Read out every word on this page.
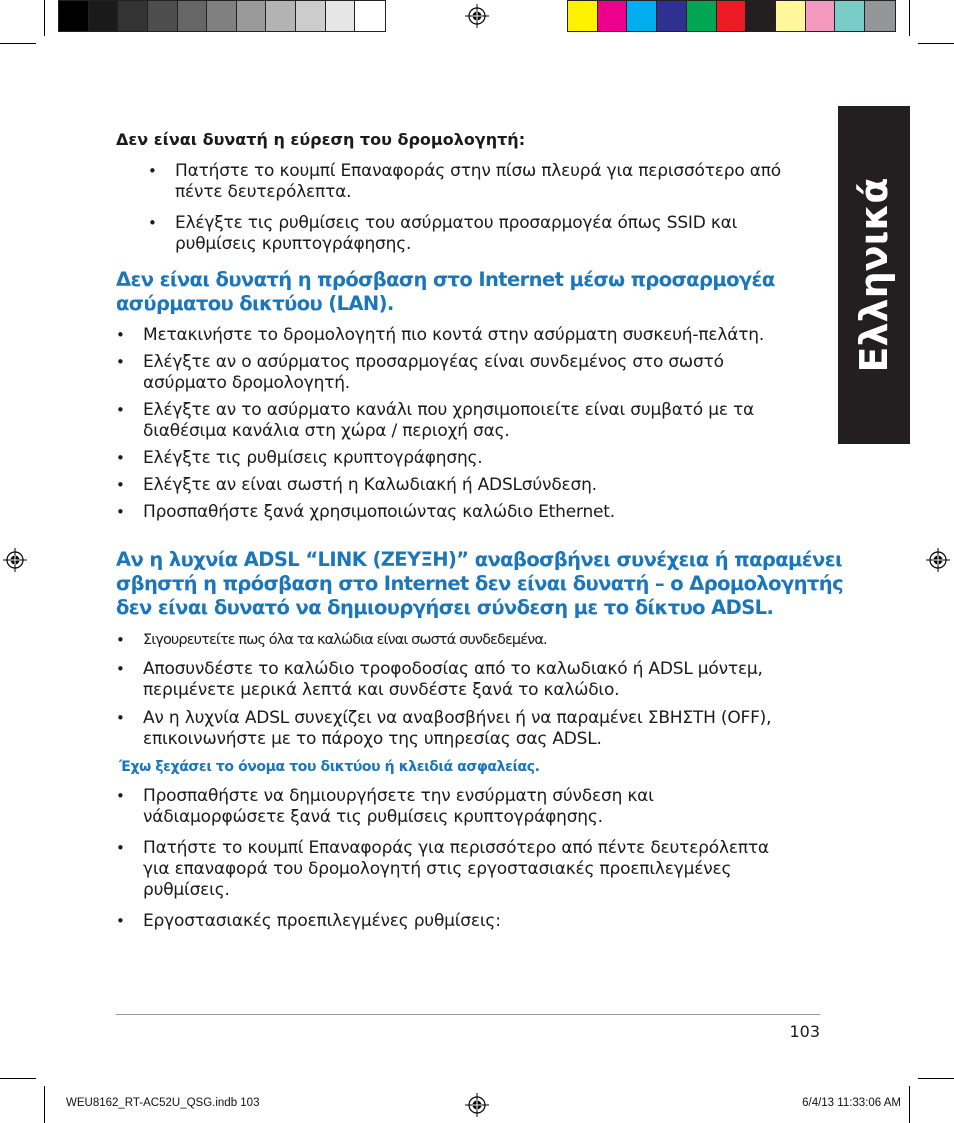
Ελληνικά
Δεν είναι δυνατή η εύρεση του δρομολογητή:
• Πατήστε το κουμπί Επαναφοράς στην πίσω πλευρά για περισσότερο από
πέντε δευτερόλεπτα.
• Ελέγξτε τις ρυθμίσεις του ασύρματου προσαρμογέα όπως SSID και
ρυθμίσεις κρυπτογράφησης.
Δεν είναι δυνατή η πρόσβαση στο Internet μέσω προσαρμογέα
ασύρματου δικτύου (LAN).
• Μετακινήστε το δρομολογητή πιο κοντά στην ασύρματη συσκευή-πελάτη.
• Ελέγξτε αν ο ασύρματος προσαρμογέας είναι συνδεμένος στο σωστό
ασύρματο δρομολογητή.
• Ελέγξτε αν το ασύρματο κανάλι που χρησιμοποιείτε είναι συμβατό με τα
διαθέσιμα κανάλια στη χώρα / περιοχή σας.
• Ελέγξτε τις ρυθμίσεις κρυπτογράφησης.
• Ελέγξτε αν είναι σωστή η Καλωδιακή ή ADSLσύνδεση.
• Προσπαθήστε ξανά χρησιμοποιώντας καλώδιο Ethernet.
Αν η λυχνία ADSL “LINK (ΖΕΥΞΗ)” αναβοσβήνει συνέχεια ή παραμένει
σβηστή η πρόσβαση στο Internet δεν είναι δυνατή – ο Δρομολογητής
δεν είναι δυνατό να δημιουργήσει σύνδεση με το δίκτυο ADSL.
• Σιγουρευτείτε πως όλα τα καλώδια είναι σωστά συνδεδεμένα.
• Αποσυνδέστε το καλώδιο τροφοδοσίας από το καλωδιακό ή ADSL μόντεμ,
περιμένετε μερικά λεπτά και συνδέστε ξανά το καλώδιο.
• Αν η λυχνία ADSL συνεχίζει να αναβοσβήνει ή να παραμένει ΣΒΗΣΤΗ (OFF),
επικοινωνήστε με το πάροχο της υπηρεσίας σας ADSL.
Έχω ξεχάσει το όνομα του δικτύου ή κλειδιά ασφαλείας.
• Προσπαθήστε να δημιουργήσετε την ενσύρματη σύνδεση και
νάδιαμορφώσετε ξανά τις ρυθμίσεις κρυπτογράφησης.
• Πατήστε το κουμπί Επαναφοράς για περισσότερο από πέντε δευτερόλεπτα
για επαναφορά του δρομολογητή στις εργοστασιακές προεπιλεγμένες
ρυθμίσεις.
• Εργοστασιακές προεπιλεγμένες ρυθμίσεις:
103
WEU8162_RT-AC52U_QSG.indb 103	6/4/13 11:33:06 AM
